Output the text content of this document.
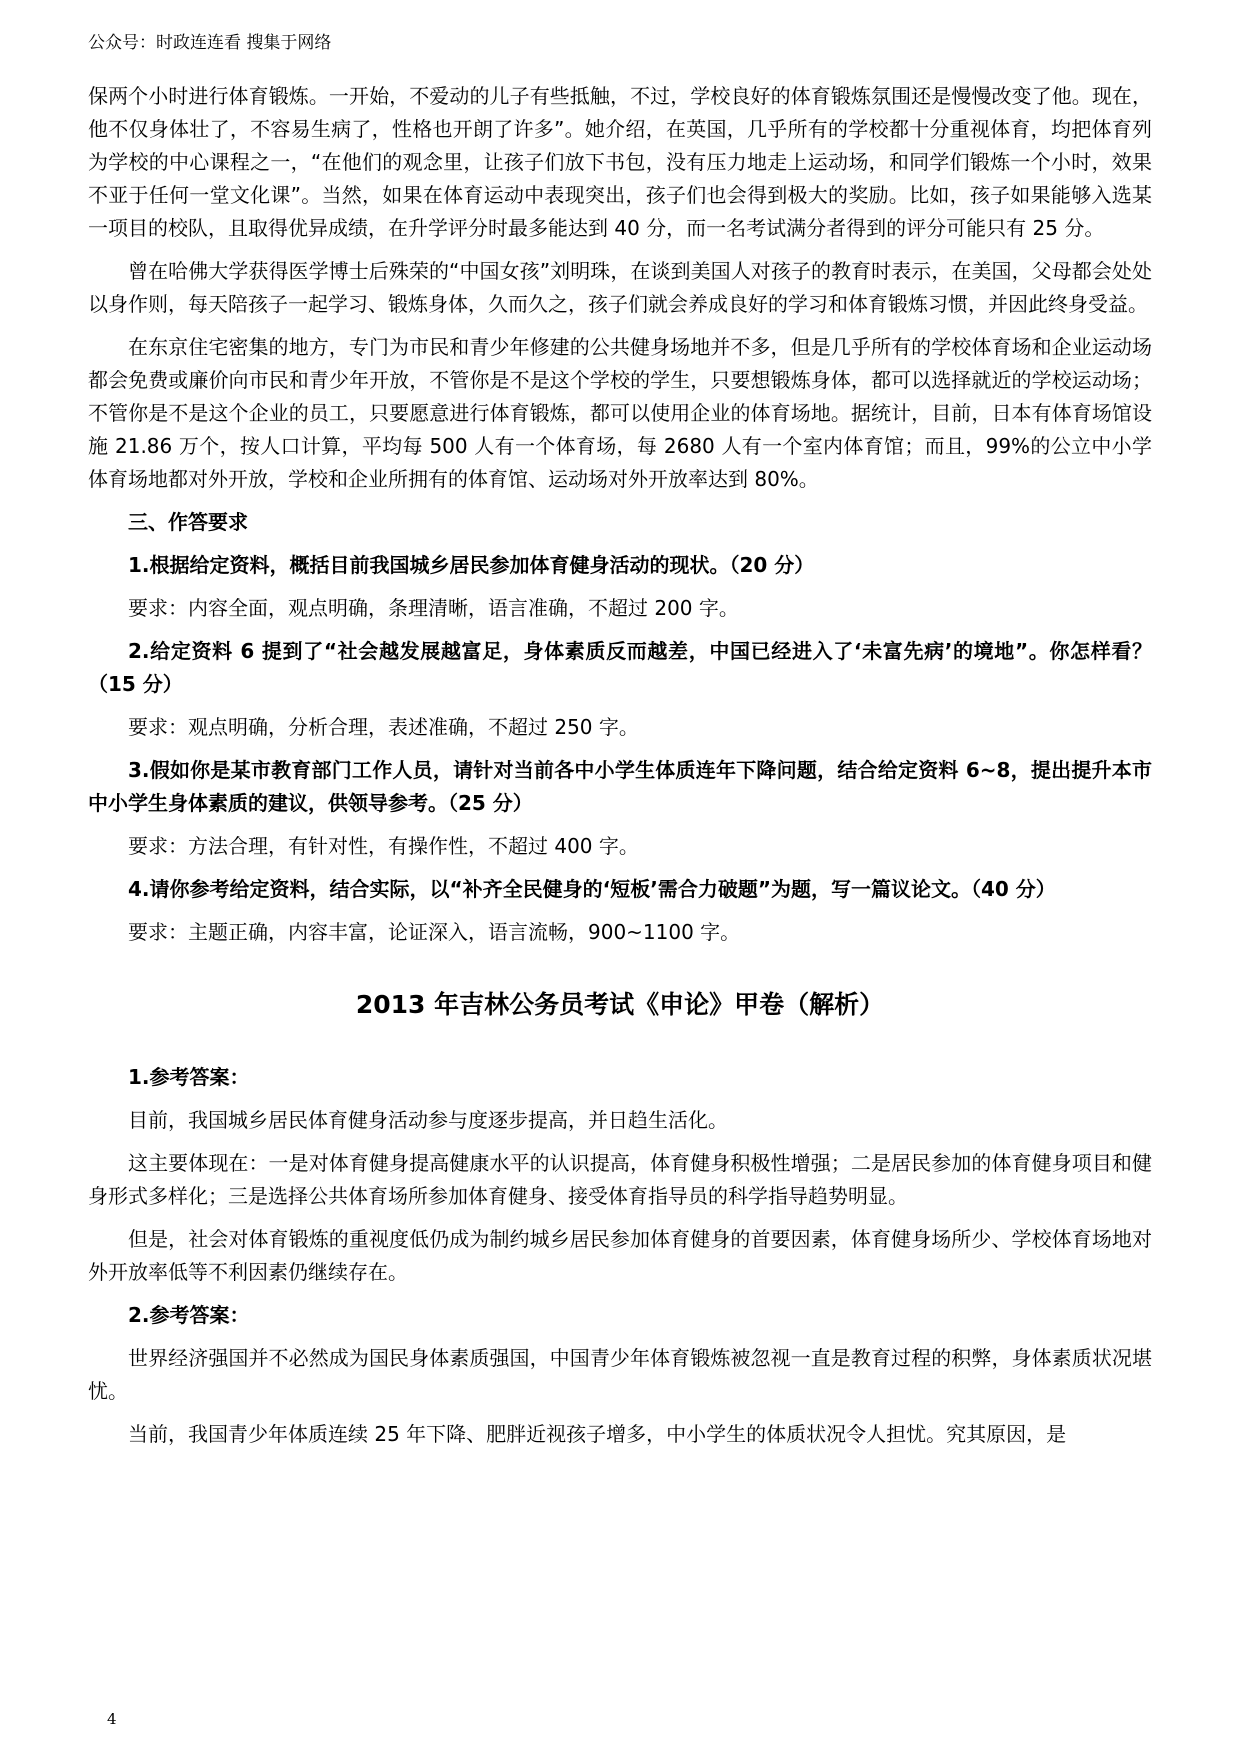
公众号：时政连连看 搜集于网络

保两个小时进行体育锻炼。一开始，不爱动的儿子有些抵触，不过，学校良好的体育锻炼氛围还是慢慢改变了他。现在，他不仅身体壮了，不容易生病了，性格也开朗了许多”。她介绍，在英国，几乎所有的学校都十分重视体育，均把体育列为学校的中心课程之一，“在他们的观念里，让孩子们放下书包，没有压力地走上运动场，和同学们锻炼一个小时，效果不亚于任何一堂文化课”。当然，如果在体育运动中表现突出，孩子们也会得到极大的奖励。比如，孩子如果能够入选某一项目的校队，且取得优异成绩，在升学评分时最多能达到 40 分，而一名考试满分者得到的评分可能只有 25 分。

曾在哈佛大学获得医学博士后殊荣的“中国女孩”刘明珠，在谈到美国人对孩子的教育时表示，在美国，父母都会处处以身作则，每天陪孩子一起学习、锻炼身体，久而久之，孩子们就会养成良好的学习和体育锻炼习惯，并因此终身受益。

在东京住宅密集的地方，专门为市民和青少年修建的公共健身场地并不多，但是几乎所有的学校体育场和企业运动场都会免费或廉价向市民和青少年开放，不管你是不是这个学校的学生，只要想锻炼身体，都可以选择就近的学校运动场；不管你是不是这个企业的员工，只要愿意进行体育锻炼，都可以使用企业的体育场地。据统计，目前，日本有体育场馆设施 21.86 万个，按人口计算，平均每 500 人有一个体育场，每 2680 人有一个室内体育馆；而且，99%的公立中小学体育场地都对外开放，学校和企业所拥有的体育馆、运动场对外开放率达到 80%。

三、作答要求

1.根据给定资料，概括目前我国城乡居民参加体育健身活动的现状。（20 分）

要求：内容全面，观点明确，条理清晰，语言准确，不超过 200 字。

2.给定资料 6 提到了“社会越发展越富足，身体素质反而越差，中国已经进入了‘未富先病’的境地”。你怎样看？（15 分）

要求：观点明确，分析合理，表述准确，不超过 250 字。

3.假如你是某市教育部门工作人员，请针对当前各中小学生体质连年下降问题，结合给定资料 6~8，提出提升本市中小学生身体素质的建议，供领导参考。（25 分）

要求：方法合理，有针对性，有操作性，不超过 400 字。

4.请你参考给定资料，结合实际，以“补齐全民健身的‘短板’需合力破题”为题，写一篇议论文。（40 分）

要求：主题正确，内容丰富，论证深入，语言流畅，900~1100 字。

2013 年吉林公务员考试《申论》甲卷（解析）

1.参考答案：

目前，我国城乡居民体育健身活动参与度逐步提高，并日趋生活化。

这主要体现在：一是对体育健身提高健康水平的认识提高，体育健身积极性增强；二是居民参加的体育健身项目和健身形式多样化；三是选择公共体育场所参加体育健身、接受体育指导员的科学指导趋势明显。

但是，社会对体育锻炼的重视度低仍成为制约城乡居民参加体育健身的首要因素，体育健身场所少、学校体育场地对外开放率低等不利因素仍继续存在。

2.参考答案：

世界经济强国并不必然成为国民身体素质强国，中国青少年体育锻炼被忽视一直是教育过程的积弊，身体素质状况堪忧。

当前，我国青少年体质连续 25 年下降、肥胖近视孩子增多，中小学生的体质状况令人担忧。究其原因，是

4
